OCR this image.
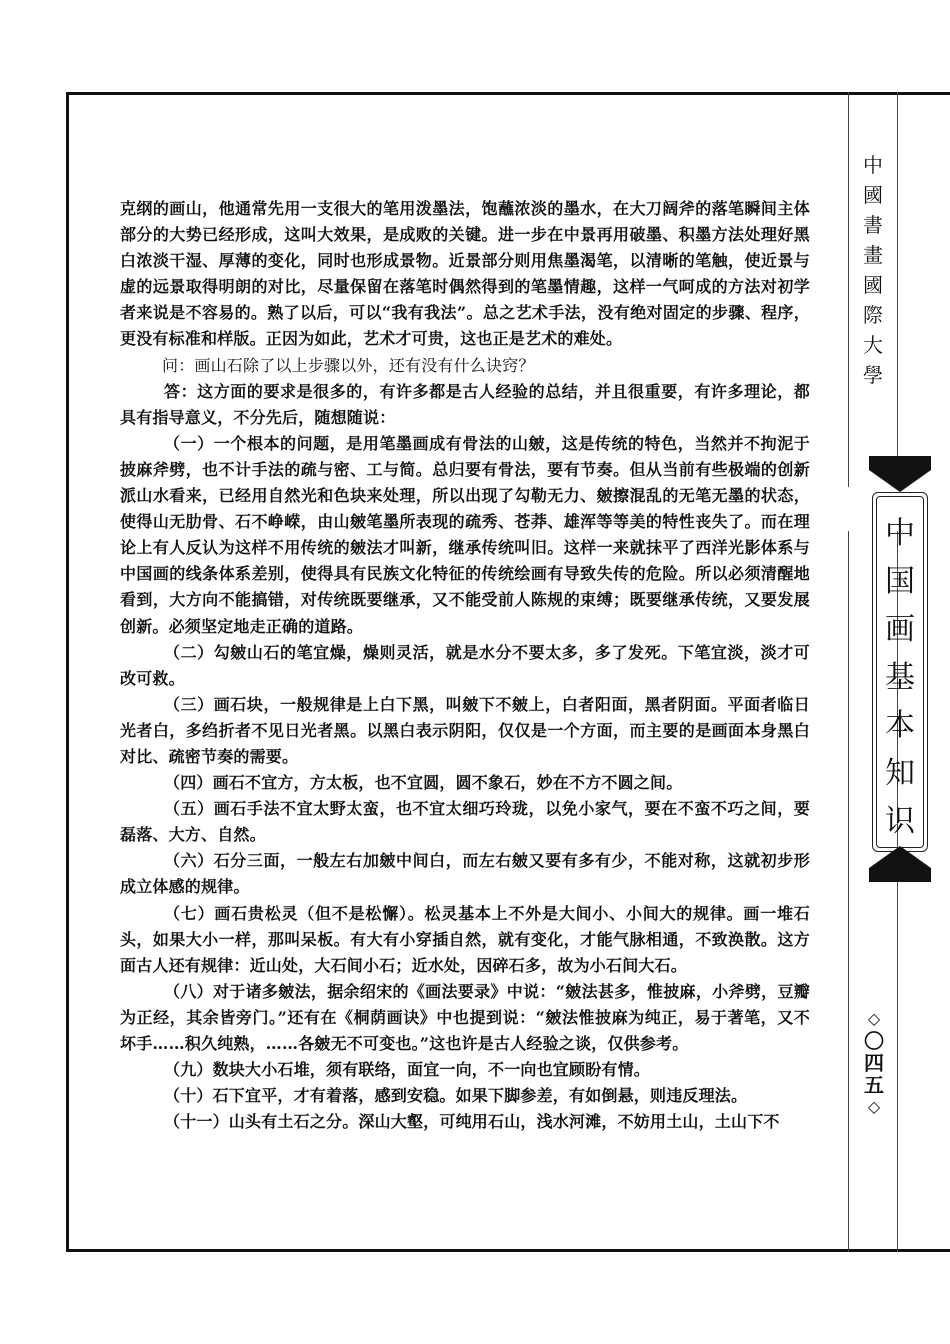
中
國
書
畫
國
際
大
學
中
国
画
基
本
知
识
◇
〇
四
五
◇

克纲的画山，他通常先用一支很大的笔用泼墨法，饱蘸浓淡的墨水，在大刀阔斧的落笔瞬间主体部分的大势已经形成，这叫大效果，是成败的关键。进一步在中景再用破墨、积墨方法处理好黑白浓淡干湿、厚薄的变化，同时也形成景物。近景部分则用焦墨渴笔，以清晰的笔触，使近景与虚的远景取得明朗的对比，尽量保留在落笔时偶然得到的笔墨情趣，这样一气呵成的方法对初学者来说是不容易的。熟了以后，可以“我有我法”。总之艺术手法，没有绝对固定的步骤、程序，更没有标准和样版。正因为如此，艺术才可贵，这也正是艺术的难处。

问：画山石除了以上步骤以外，还有没有什么诀窍？

答：这方面的要求是很多的，有许多都是古人经验的总结，并且很重要，有许多理论，都具有指导意义，不分先后，随想随说：

（一）一个根本的问题，是用笔墨画成有骨法的山皴，这是传统的特色，当然并不拘泥于披麻斧劈，也不计手法的疏与密、工与简。总归要有骨法，要有节奏。但从当前有些极端的创新派山水看来，已经用自然光和色块来处理，所以出现了勾勒无力、皴擦混乱的无笔无墨的状态，使得山无肋骨、石不峥嵘，由山皴笔墨所表现的疏秀、苍莽、雄浑等等美的特性丧失了。而在理论上有人反认为这样不用传统的皴法才叫新，继承传统叫旧。这样一来就抹平了西洋光影体系与中国画的线条体系差别，使得具有民族文化特征的传统绘画有导致失传的危险。所以必须清醒地看到，大方向不能搞错，对传统既要继承，又不能受前人陈规的束缚；既要继承传统，又要发展创新。必须坚定地走正确的道路。

（二）勾皴山石的笔宜燥，燥则灵活，就是水分不要太多，多了发死。下笔宜淡，淡才可改可救。

（三）画石块，一般规律是上白下黑，叫皴下不皴上，白者阳面，黑者阴面。平面者临日光者白，多绉折者不见日光者黑。以黑白表示阴阳，仅仅是一个方面，而主要的是画面本身黑白对比、疏密节奏的需要。

（四）画石不宜方，方太板，也不宜圆，圆不象石，妙在不方不圆之间。

（五）画石手法不宜太野太蛮，也不宜太细巧玲珑，以免小家气，要在不蛮不巧之间，要磊落、大方、自然。

（六）石分三面，一般左右加皴中间白，而左右皴又要有多有少，不能对称，这就初步形成立体感的规律。

（七）画石贵松灵（但不是松懈）。松灵基本上不外是大间小、小间大的规律。画一堆石头，如果大小一样，那叫呆板。有大有小穿插自然，就有变化，才能气脉相通，不致涣散。这方面古人还有规律：近山处，大石间小石；近水处，因碎石多，故为小石间大石。

（八）对于诸多皴法，据余绍宋的《画法要录》中说：“皴法甚多，惟披麻，小斧劈，豆瓣为正经，其余皆旁门。”还有在《桐荫画诀》中也提到说：“皴法惟披麻为纯正，易于著笔，又不坏手……积久纯熟，……各皴无不可变也。”这也许是古人经验之谈，仅供参考。

（九）数块大小石堆，须有联络，面宜一向，不一向也宜顾盼有情。

（十）石下宜平，才有着落，感到安稳。如果下脚参差，有如倒悬，则违反理法。

（十一）山头有土石之分。深山大壑，可纯用石山，浅水河滩，不妨用土山，土山下不
